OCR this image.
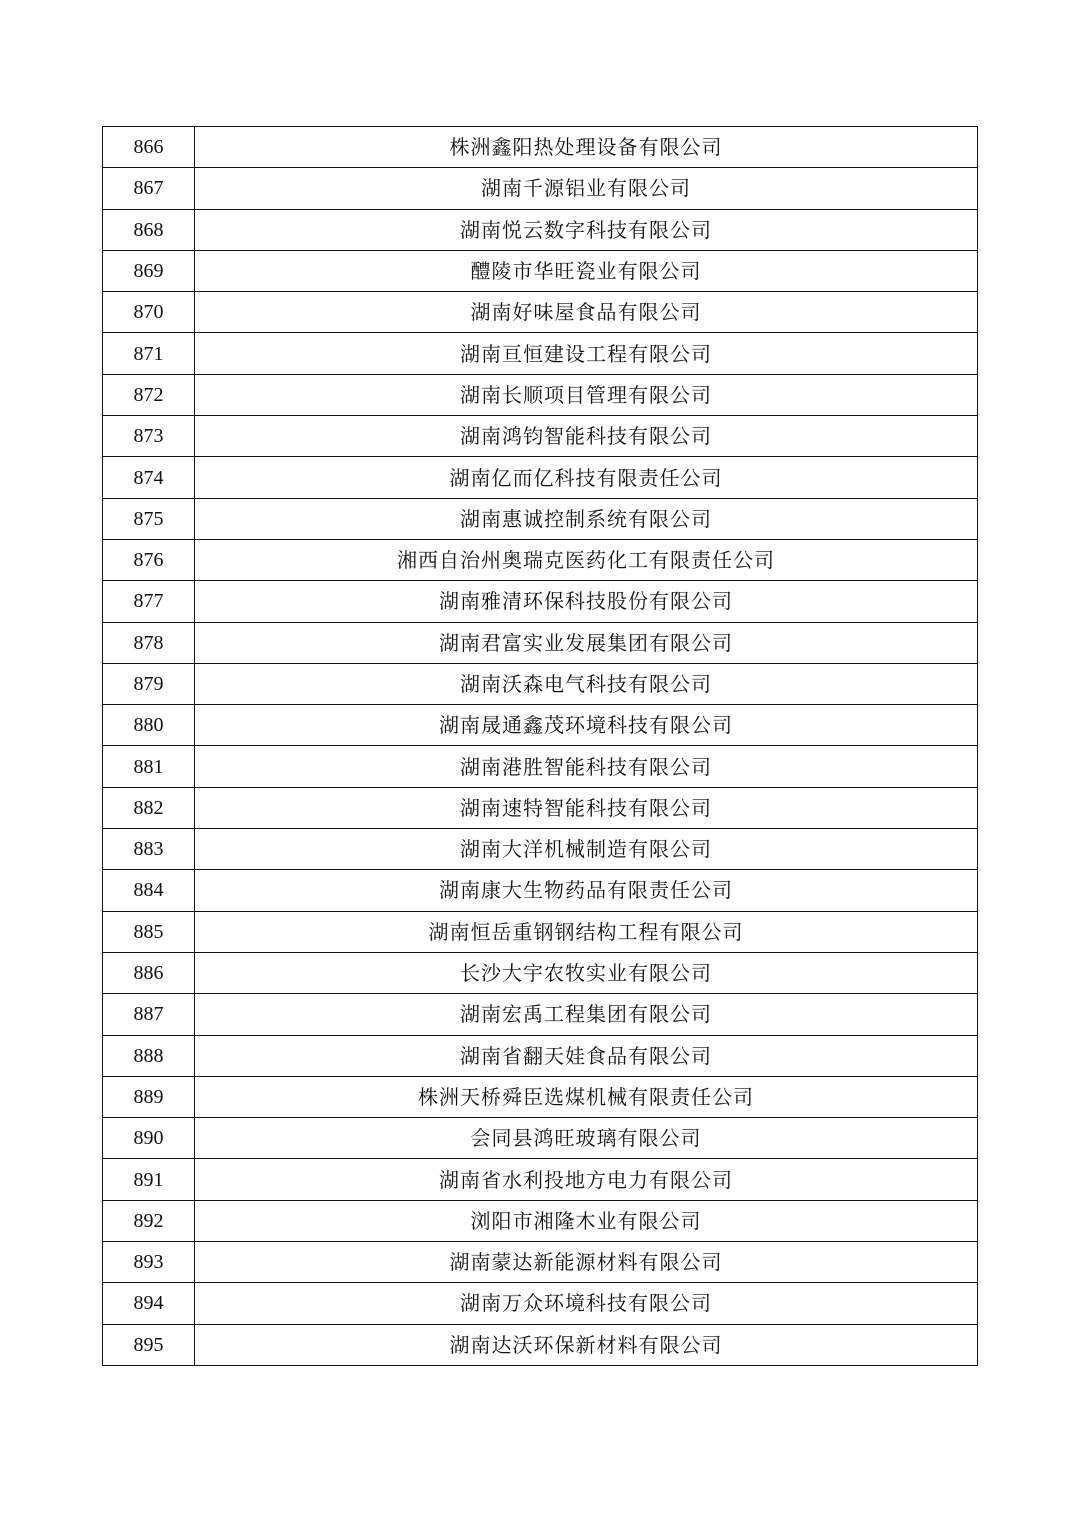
866	株洲鑫阳热处理设备有限公司
867	湖南千源铝业有限公司
868	湖南悦云数字科技有限公司
869	醴陵市华旺瓷业有限公司
870	湖南好味屋食品有限公司
871	湖南亘恒建设工程有限公司
872	湖南长顺项目管理有限公司
873	湖南鸿钧智能科技有限公司
874	湖南亿而亿科技有限责任公司
875	湖南惠诚控制系统有限公司
876	湘西自治州奥瑞克医药化工有限责任公司
877	湖南雅清环保科技股份有限公司
878	湖南君富实业发展集团有限公司
879	湖南沃森电气科技有限公司
880	湖南晟通鑫茂环境科技有限公司
881	湖南港胜智能科技有限公司
882	湖南速特智能科技有限公司
883	湖南大洋机械制造有限公司
884	湖南康大生物药品有限责任公司
885	湖南恒岳重钢钢结构工程有限公司
886	长沙大宇农牧实业有限公司
887	湖南宏禹工程集团有限公司
888	湖南省翻天娃食品有限公司
889	株洲天桥舜臣选煤机械有限责任公司
890	会同县鸿旺玻璃有限公司
891	湖南省水利投地方电力有限公司
892	浏阳市湘隆木业有限公司
893	湖南蒙达新能源材料有限公司
894	湖南万众环境科技有限公司
895	湖南达沃环保新材料有限公司
